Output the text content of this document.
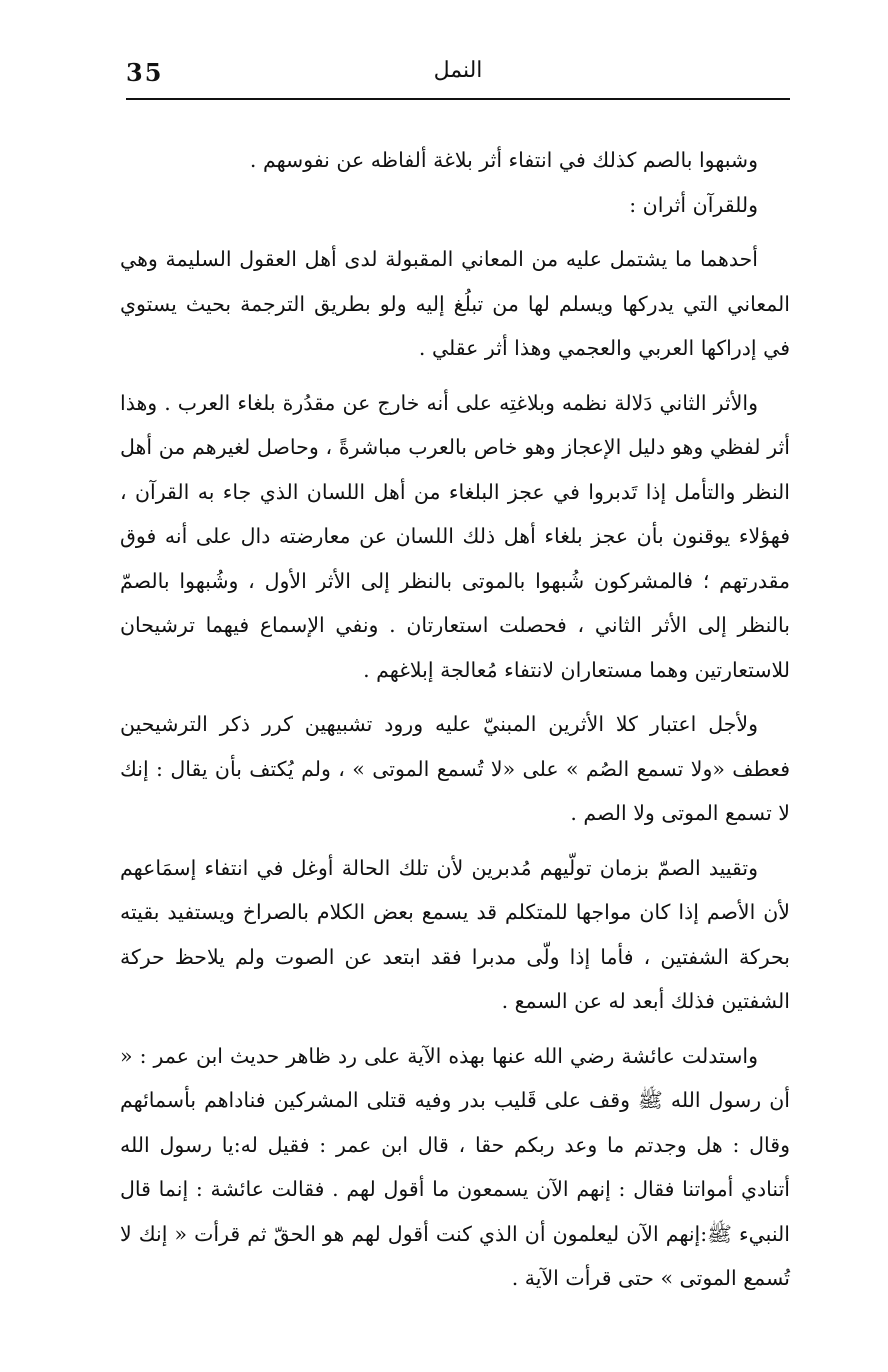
35	النمل

وشبهوا بالصم كذلك في انتفاء أثر بلاغة ألفاظه عن نفوسهم .

وللقرآن أثران :

أحدهما ما يشتمل عليه من المعاني المقبولة لدى أهل العقول السليمة وهي المعاني التي يدركها ويسلم لها من تبلُغ إليه ولو بطريق الترجمة بحيث يستوي في إدراكها العربي والعجمي وهذا أثر عقلي .

والأثر الثاني دَلالة نظمه وبلاغتِه على أنه خارج عن مقدُرة بلغاء العرب . وهذا أثر لفظي وهو دليل الإعجاز وهو خاص بالعرب مباشرةً ، وحاصل لغيرهم من أهل النظر والتأمل إذا تَدبروا في عجز البلغاء من أهل اللسان الذي جاء به القرآن ، فهؤلاء يوقنون بأن عجز بلغاء أهل ذلك اللسان عن معارضته دال على أنه فوق مقدرتهم ؛ فالمشركون شُبهوا بالموتى بالنظر إلى الأثر الأول ، وشُبهوا بالصمّ بالنظر إلى الأثر الثاني ، فحصلت استعارتان . ونفي الإسماع فيهما ترشيحان للاستعارتين وهما مستعاران لانتفاء مُعالجة إبلاغهم .

ولأجل اعتبار كلا الأثرين المبنيّ عليه ورود تشبيهين كرر ذكر الترشيحين فعطف «ولا تسمع الصُم » على «لا تُسمع الموتى » ، ولم يُكتف بأن يقال : إنك لا تسمع الموتى ولا الصم .

وتقييد الصمّ بزمان تولّيهم مُدبرين لأن تلك الحالة أوغل في انتفاء إسمَاعهم لأن الأصم إذا كان مواجها للمتكلم قد يسمع بعض الكلام بالصراخ ويستفيد بقيته بحركة الشفتين ، فأما إذا ولّى مدبرا فقد ابتعد عن الصوت ولم يلاحظ حركة الشفتين فذلك أبعد له عن السمع .

واستدلت عائشة رضي الله عنها بهذه الآية على رد ظاهر حديث ابن عمر : « أن رسول الله ﷺ وقف على قَليب بدر وفيه قتلى المشركين فناداهم بأسمائهم وقال : هل وجدتم ما وعد ربكم حقا ، قال ابن عمر : فقيل له:يا رسول الله أتنادي أمواتنا فقال : إنهم الآن يسمعون ما أقول لهم . فقالت عائشة : إنما قال النبيء ﷺ:إنهم الآن ليعلمون أن الذي كنت أقول لهم هو الحقّ ثم قرأت « إنك لا تُسمع الموتى » حتى قرأت الآية .
